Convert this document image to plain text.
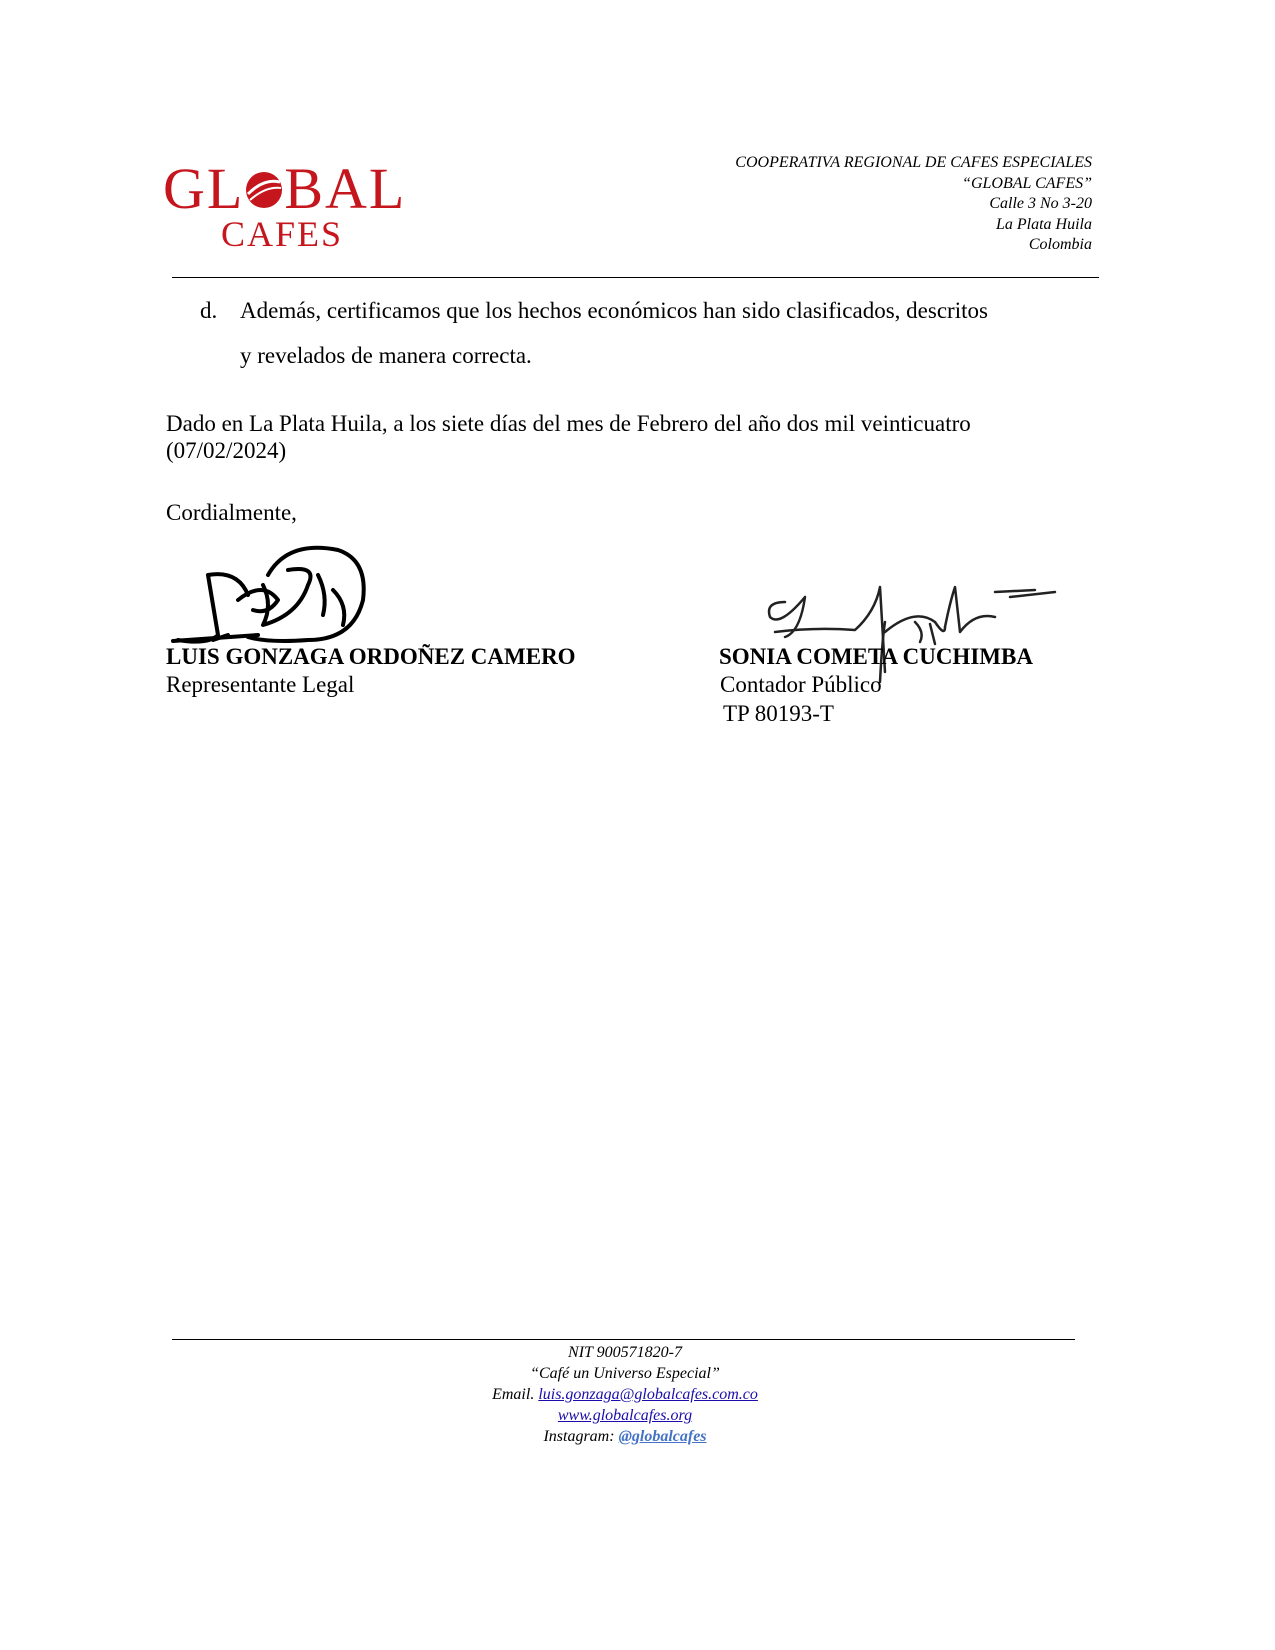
GL BAL
CAFES
COOPERATIVA REGIONAL DE CAFES ESPECIALES
“GLOBAL CAFES”
Calle 3 No 3-20
La Plata Huila
Colombia
d. Además, certificamos que los hechos económicos han sido clasificados, descritos
y revelados de manera correcta.
Dado en La Plata Huila, a los siete días del mes de Febrero del año dos mil veinticuatro
(07/02/2024)
Cordialmente,
LUIS GONZAGA ORDOÑEZ CAMERO	SONIA COMETA CUCHIMBA
Representante Legal	Contador Público
TP 80193-T
NIT 900571820-7
“Café un Universo Especial”
Email. luis.gonzaga@globalcafes.com.co
www.globalcafes.org
Instagram: @globalcafes
